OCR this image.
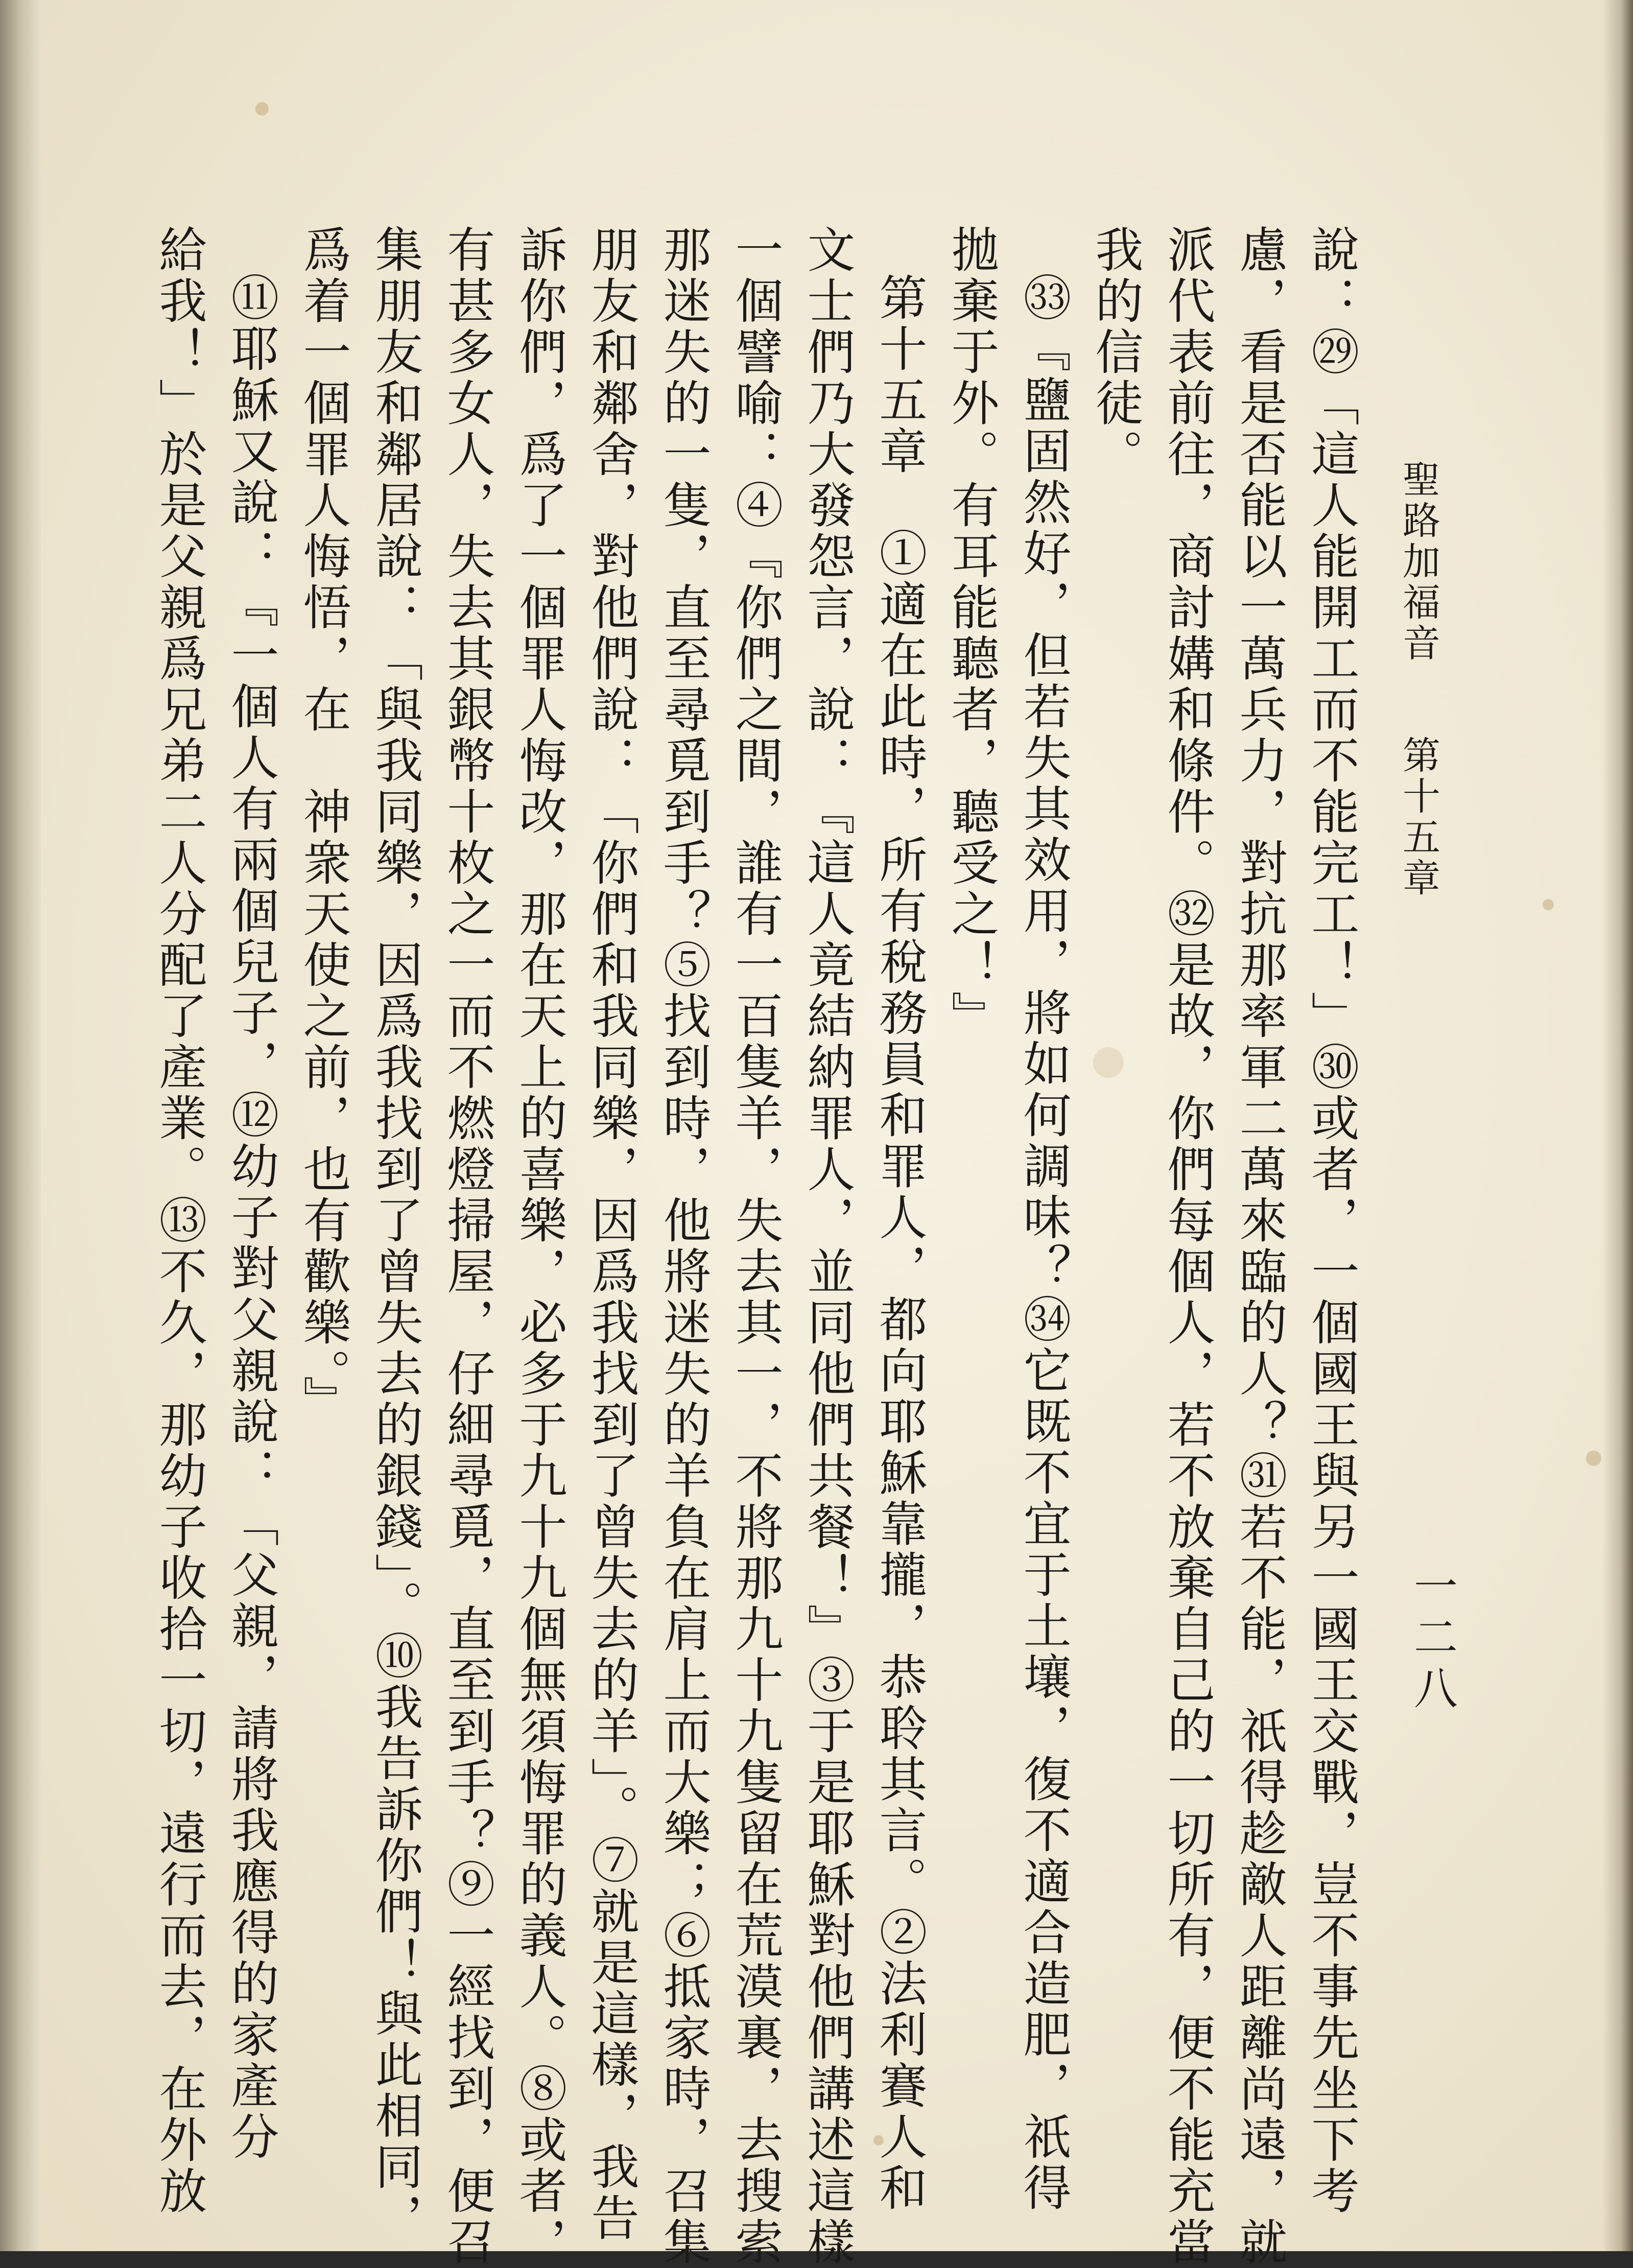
聖路加福音
第十五章
一二八
說：㉙「這人能開工而不能完工！」㉚或者，一個國王與另一國王交戰，豈不事先坐下考
慮，看是否能以一萬兵力，對抗那率軍二萬來臨的人？㉛若不能，祇得趁敵人距離尚遠，就
派代表前往，商討媾和條件。㉜是故，你們每個人，若不放棄自己的一切所有，便不能充當
我的信徒。
㉝『鹽固然好，但若失其效用，將如何調味？㉞它既不宜于土壤，復不適合造肥，祇得
拋棄于外。有耳能聽者，聽受之！』
第十五章　①適在此時，所有稅務員和罪人，都向耶穌靠攏，恭聆其言。②法利賽人和
文士們乃大發怨言，說：『這人竟結納罪人，並同他們共餐！』③于是耶穌對他們講述這樣
一個譬喻：④『你們之間，誰有一百隻羊，失去其一，不將那九十九隻留在荒漠裏，去搜索
那迷失的一隻，直至尋覓到手？⑤找到時，他將迷失的羊負在肩上而大樂；⑥抵家時，召集
朋友和鄰舍，對他們說：「你們和我同樂，因爲我找到了曾失去的羊」。⑦就是這樣，我告
訴你們，爲了一個罪人悔改，那在天上的喜樂，必多于九十九個無須悔罪的義人。⑧或者，
有甚多女人，失去其銀幣十枚之一而不燃燈掃屋，仔細尋覓，直至到手？⑨一經找到，便召
集朋友和鄰居說：「與我同樂，因爲我找到了曾失去的銀錢」。⑩我告訴你們！與此相同，
爲着一個罪人悔悟，在　神衆天使之前，也有歡樂。』
⑪耶穌又說：『一個人有兩個兒子，⑫幼子對父親說：「父親，請將我應得的家產分
給我！」於是父親爲兄弟二人分配了產業。⑬不久，那幼子收拾一切，遠行而去，在外放
